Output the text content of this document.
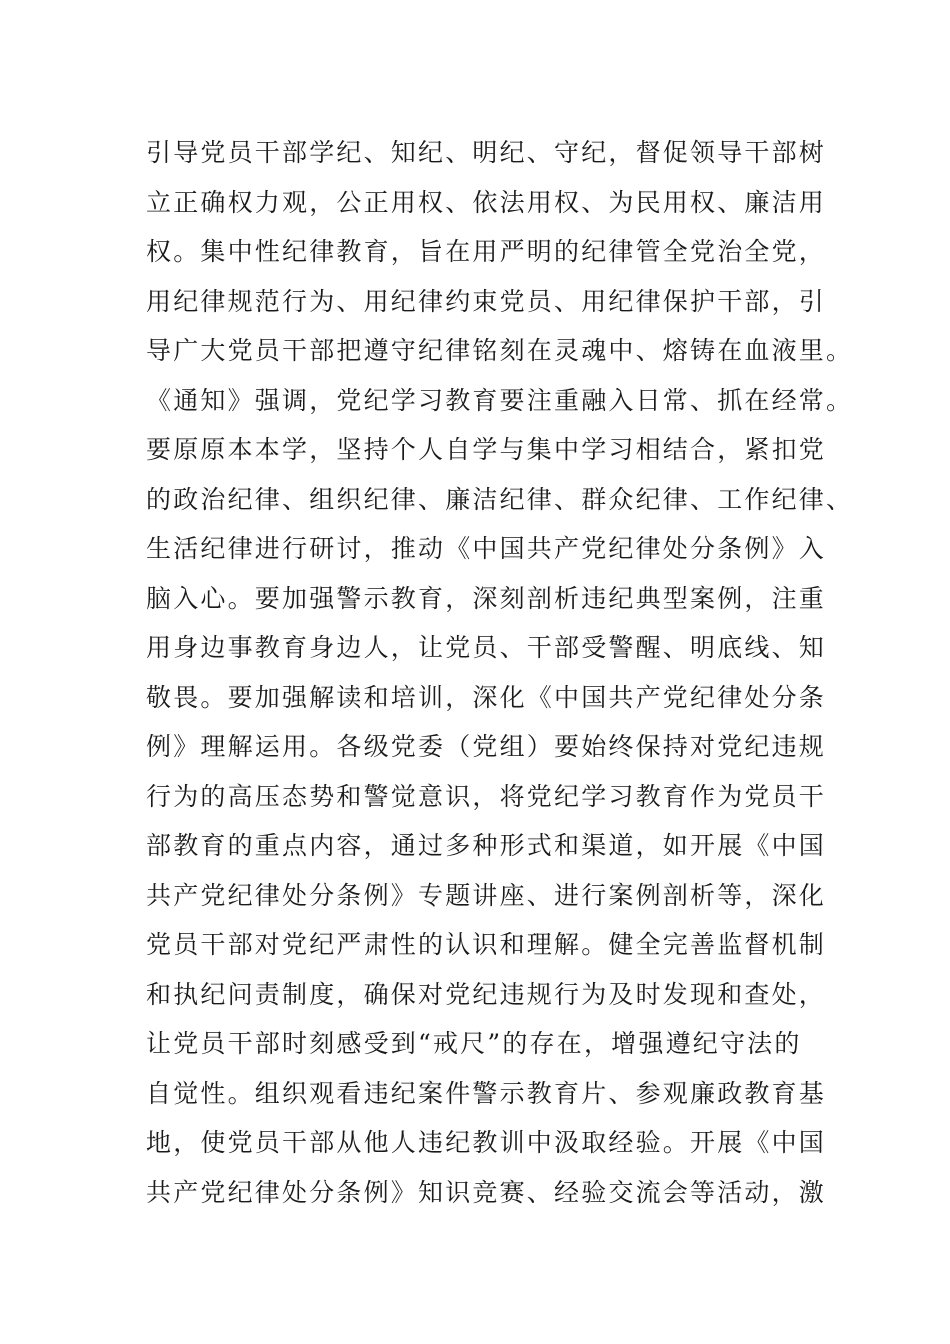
引导党员干部学纪、知纪、明纪、守纪，督促领导干部树
立正确权力观，公正用权、依法用权、为民用权、廉洁用
权。集中性纪律教育，旨在用严明的纪律管全党治全党，
用纪律规范行为、用纪律约束党员、用纪律保护干部，引
导广大党员干部把遵守纪律铭刻在灵魂中、熔铸在血液里。
《通知》强调，党纪学习教育要注重融入日常、抓在经常。
要原原本本学，坚持个人自学与集中学习相结合，紧扣党
的政治纪律、组织纪律、廉洁纪律、群众纪律、工作纪律、
生活纪律进行研讨，推动《中国共产党纪律处分条例》入
脑入心。要加强警示教育，深刻剖析违纪典型案例，注重
用身边事教育身边人，让党员、干部受警醒、明底线、知
敬畏。要加强解读和培训，深化《中国共产党纪律处分条
例》理解运用。各级党委（党组）要始终保持对党纪违规
行为的高压态势和警觉意识，将党纪学习教育作为党员干
部教育的重点内容，通过多种形式和渠道，如开展《中国
共产党纪律处分条例》专题讲座、进行案例剖析等，深化
党员干部对党纪严肃性的认识和理解。健全完善监督机制
和执纪问责制度，确保对党纪违规行为及时发现和查处，
让党员干部时刻感受到“戒尺”的存在，增强遵纪守法的
自觉性。组织观看违纪案件警示教育片、参观廉政教育基
地，使党员干部从他人违纪教训中汲取经验。开展《中国
共产党纪律处分条例》知识竞赛、经验交流会等活动，激
